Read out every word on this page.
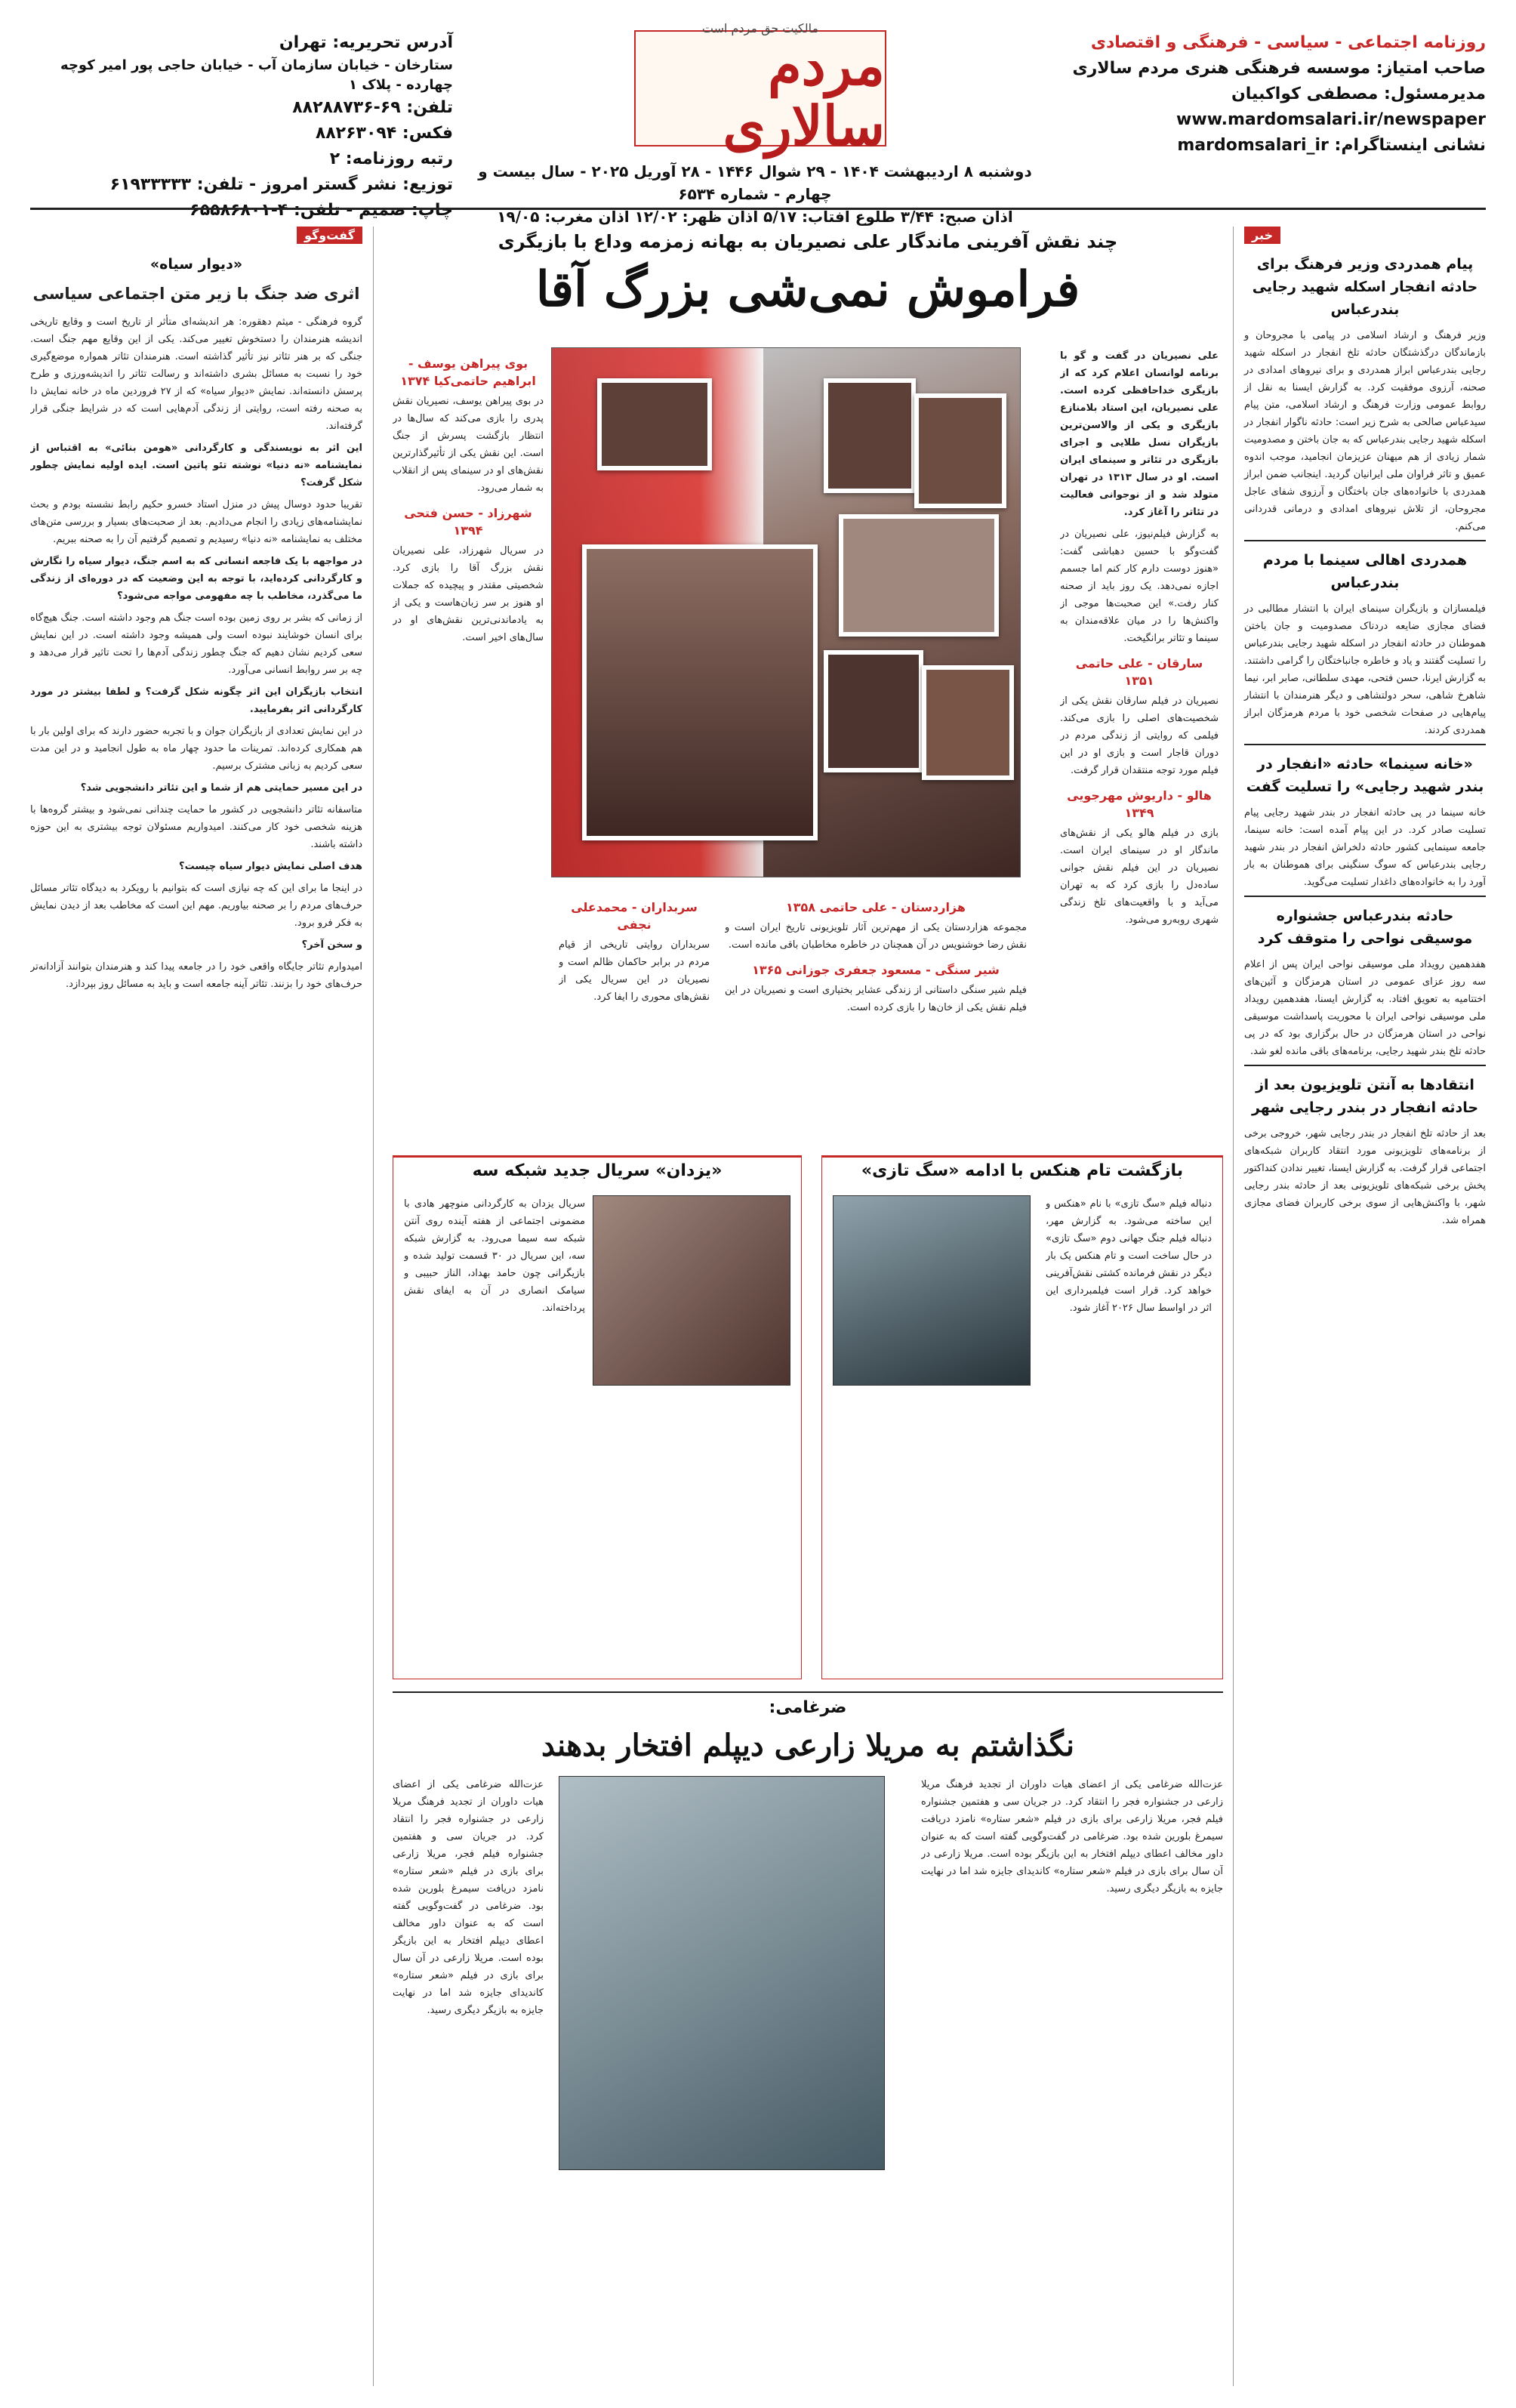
روزنامه اجتماعی - سیاسی - فرهنگی و اقتصادی
صاحب امتیاز: موسسه فرهنگی هنری مردم سالاری
مدیرمسئول: مصطفی کواکبیان
www.mardomsalari.ir/newspaper
نشانی اینستاگرام: mardomsalari_ir
مالکیت حق مردم است
مردم سالاری
آدرس تحریریه: تهران
ستارخان - خیابان سازمان آب - خیابان حاجی پور امیر کوچه چهارده - پلاک ۱
تلفن: ۶۹-۸۸۲۸۸۷۳۶
فکس: ۸۸۲۶۳۰۹۴
رتبه روزنامه: ۲
توزیع: نشر گستر امروز - تلفن: ۶۱۹۳۳۳۳۳
چاپ: صمیم - تلفن: ۴-۶۵۵۸۶۸۰۱
دوشنبه ۸ اردیبهشت ۱۴۰۴ - ۲۹ شوال ۱۴۴۶ - ۲۸ آوریل ۲۰۲۵ - سال بیست و چهارم - شماره ۶۵۳۴
اذان صبح: ۳/۴۴ طلوع آفتاب: ۵/۱۷ اذان ظهر: ۱۲/۰۲ اذان مغرب: ۱۹/۰۵
خبر
پیام همدردی وزیر فرهنگ برای حادثه انفجار اسکله شهید رجایی بندرعباس

وزیر فرهنگ و ارشاد اسلامی در پیامی با مجروحان و بازماندگان درگذشتگان حادثه تلخ انفجار در اسکله شهید رجایی بندرعباس ابراز همدردی و برای نیروهای امدادی در صحنه، آرزوی موفقیت کرد. به گزارش ایسنا به نقل از روابط عمومی وزارت فرهنگ و ارشاد اسلامی، متن پیام سیدعباس صالحی به شرح زیر است: حادثه ناگوار انفجار در اسکله شهید رجایی بندرعباس که به جان باختن و مصدومیت شمار زیادی از هم میهنان عزیزمان انجامید، موجب اندوه عمیق و تاثر فراوان ملی ایرانیان گردید. اینجانب ضمن ابراز همدردی با خانواده‌های جان باختگان و آرزوی شفای عاجل مجروحان، از تلاش نیروهای امدادی و درمانی قدردانی می‌کنم.

همدردی اهالی سینما با مردم بندرعباس

فیلمسازان و بازیگران سینمای ایران با انتشار مطالبی در فضای مجازی ضایعه دردناک مصدومیت و جان باختن هموطنان در حادثه انفجار در اسکله شهید رجایی بندرعباس را تسلیت گفتند و یاد و خاطره جانباختگان را گرامی داشتند. به گزارش ایرنا، حسن فتحی، مهدی سلطانی، صابر ابر، نیما شاهرخ شاهی، سحر دولتشاهی و دیگر هنرمندان با انتشار پیام‌هایی در صفحات شخصی خود با مردم هرمزگان ابراز همدردی کردند.

«خانه سینما» حادثه «انفجار در بندر شهید رجایی» را تسلیت گفت

خانه سینما در پی حادثه انفجار در بندر شهید رجایی پیام تسلیت صادر کرد. در این پیام آمده است: خانه سینما، جامعه سینمایی کشور حادثه دلخراش انفجار در بندر شهید رجایی بندرعباس که سوگ سنگینی برای هموطنان به بار آورد را به خانواده‌های داغدار تسلیت می‌گوید.

حادثه بندرعباس جشنواره موسیقی نواحی را متوقف کرد

هفدهمین رویداد ملی موسیقی نواحی ایران پس از اعلام سه روز عزای عمومی در استان هرمزگان و آئین‌های اختتامیه به تعویق افتاد. به گزارش ایسنا، هفدهمین رویداد ملی موسیقی نواحی ایران با محوریت پاسداشت موسیقی نواحی در استان هرمزگان در حال برگزاری بود که در پی حادثه تلخ بندر شهید رجایی، برنامه‌های باقی مانده لغو شد.

انتقادها به آنتن تلویزیون بعد از حادثه انفجار در بندر رجایی شهر

بعد از حادثه تلخ انفجار در بندر رجایی شهر، خروجی برخی از برنامه‌های تلویزیونی مورد انتقاد کاربران شبکه‌های اجتماعی قرار گرفت. به گزارش ایسنا، تغییر ندادن کنداکتور پخش برخی شبکه‌های تلویزیونی بعد از حادثه بندر رجایی شهر، با واکنش‌هایی از سوی برخی کاربران فضای مجازی همراه شد.

گفت‌وگو
«دیوار سیاه»
اثری ضد جنگ با زیر متن اجتماعی سیاسی

گروه فرهنگی - میثم دهقوره: هر اندیشه‌ای متأثر از تاریخ است و وقایع تاریخی اندیشه هنرمندان را دستخوش تغییر می‌کند. یکی از این وقایع مهم جنگ است. جنگی که بر هنر تئاتر نیز تأثیر گذاشته است. هنرمندان تئاتر همواره موضع‌گیری خود را نسبت به مسائل بشری داشته‌اند و رسالت تئاتر را اندیشه‌ورزی و طرح پرسش دانسته‌اند. نمایش «دیوار سیاه» که از ۲۷ فروردین ماه در خانه نمایش دا به صحنه رفته است، روایتی از زندگی آدم‌هایی است که در شرایط جنگی قرار گرفته‌اند.

این اثر به نویسندگی و کارگردانی «هومن بنائی» به اقتباس از نمایشنامه «نه دنیا» نوشته تئو پاتین است. ایده اولیه نمایش چطور شکل گرفت؟

تقریبا حدود دوسال پیش در منزل استاد خسرو حکیم رابط نشسته بودم و بحث نمایشنامه‌های زیادی را انجام می‌دادیم. بعد از صحبت‌های بسیار و بررسی متن‌های مختلف به نمایشنامه «نه دنیا» رسیدیم و تصمیم گرفتیم آن را به صحنه ببریم.

در مواجهه با یک فاجعه انسانی که به اسم جنگ، دیوار سیاه را نگارش و کارگردانی کرده‌اید، با توجه به این وضعیت که در دوره‌ای از زندگی ما می‌گذرد، مخاطب با چه مفهومی مواجه می‌شود؟

از زمانی که بشر بر روی زمین بوده است جنگ هم وجود داشته است. جنگ هیچ‌گاه برای انسان خوشایند نبوده است ولی همیشه وجود داشته است. در این نمایش سعی کردیم نشان دهیم که جنگ چطور زندگی آدم‌ها را تحت تاثیر قرار می‌دهد و چه بر سر روابط انسانی می‌آورد.

انتخاب بازیگران این اثر چگونه شکل گرفت؟ و لطفا بیشتر در مورد کارگردانی اثر بفرمایید.

در این نمایش تعدادی از بازیگران جوان و با تجربه حضور دارند که برای اولین بار با هم همکاری کرده‌اند. تمرینات ما حدود چهار ماه به طول انجامید و در این مدت سعی کردیم به زبانی مشترک برسیم.

در این مسیر حمایتی هم از شما و این تئاتر دانشجویی شد؟

متاسفانه تئاتر دانشجویی در کشور ما حمایت چندانی نمی‌شود و بیشتر گروه‌ها با هزینه شخصی خود کار می‌کنند. امیدواریم مسئولان توجه بیشتری به این حوزه داشته باشند.

هدف اصلی نمایش دیوار سیاه چیست؟

در اینجا ما برای این که چه نیازی است که بتوانیم با رویکرد به دیدگاه تئاتر مسائل حرف‌های مردم را بر صحنه بیاوریم. مهم این است که مخاطب بعد از دیدن نمایش به فکر فرو برود.

و سخن آخر؟

امیدوارم تئاتر جایگاه واقعی خود را در جامعه پیدا کند و هنرمندان بتوانند آزادانه‌تر حرف‌های خود را بزنند. تئاتر آینه جامعه است و باید به مسائل روز بپردازد.

چند نقش آفرینی ماندگار علی نصیریان به بهانه زمزمه وداع با بازیگری
فراموش نمی‌شی بزرگ آقا

علی نصیریان در گفت و گو با برنامه لوانسان اعلام کرد که از بازیگری خداحافظی کرده است. علی نصیریان، این استاد بلامنازع بازیگری و یکی از والاسن‌ترین بازیگران نسل طلایی و اجرای بازیگری در تئاتر و سینمای ایران است. او در سال ۱۳۱۳ در تهران متولد شد و از نوجوانی فعالیت در تئاتر را آغاز کرد.

به گزارش فیلم‌نیوز، علی نصیریان در گفت‌وگو با حسین دهباشی گفت: «هنوز دوست دارم کار کنم اما جسمم اجازه نمی‌دهد. یک روز باید از صحنه کنار رفت.» این صحبت‌ها موجی از واکنش‌ها را در میان علاقه‌مندان به سینما و تئاتر برانگیخت.

سارقان - علی حاتمی ۱۳۵۱

نصیریان در فیلم سارقان نقش یکی از شخصیت‌های اصلی را بازی می‌کند. فیلمی که روایتی از زندگی مردم در دوران قاجار است و بازی او در این فیلم مورد توجه منتقدان قرار گرفت.

هالو - داریوش مهرجویی ۱۳۴۹

بازی در فیلم هالو یکی از نقش‌های ماندگار او در سینمای ایران است. نصیریان در این فیلم نقش جوانی ساده‌دل را بازی کرد که به تهران می‌آید و با واقعیت‌های تلخ زندگی شهری روبه‌رو می‌شود.

بوی پیراهن یوسف - ابراهیم حاتمی‌کیا ۱۳۷۴

در بوی پیراهن یوسف، نصیریان نقش پدری را بازی می‌کند که سال‌ها در انتظار بازگشت پسرش از جنگ است. این نقش یکی از تأثیرگذارترین نقش‌های او در سینمای پس از انقلاب به شمار می‌رود.

شهرزاد - حسن فتحی ۱۳۹۴

در سریال شهرزاد، علی نصیریان نقش بزرگ آقا را بازی کرد. شخصیتی مقتدر و پیچیده که جملات او هنوز بر سر زبان‌هاست و یکی از به یادماندنی‌ترین نقش‌های او در سال‌های اخیر است.

هزاردستان - علی حاتمی ۱۳۵۸

مجموعه هزاردستان یکی از مهم‌ترین آثار تلویزیونی تاریخ ایران است و نقش رضا خوشنویس در آن همچنان در خاطره مخاطبان باقی مانده است.

شیر سنگی - مسعود جعفری جوزانی ۱۳۶۵

فیلم شیر سنگی داستانی از زندگی عشایر بختیاری است و نصیریان در این فیلم نقش یکی از خان‌ها را بازی کرده است.

سربداران - محمدعلی نجفی

سربداران روایتی تاریخی از قیام مردم در برابر حاکمان ظالم است و نصیریان در این سریال یکی از نقش‌های محوری را ایفا کرد.

بازگشت تام هنکس با ادامه «سگ تازی»
دنباله فیلم «سگ تازی» با نام «هنکس و این ساخته می‌شود. به گزارش مهر، دنباله فیلم جنگ جهانی دوم «سگ تازی» در حال ساخت است و تام هنکس یک بار دیگر در نقش فرمانده کشتی نقش‌آفرینی خواهد کرد. قرار است فیلمبرداری این اثر در اواسط سال ۲۰۲۶ آغاز شود.
«یزدان» سریال جدید شبکه سه
سریال یزدان به کارگردانی منوچهر هادی با مضمونی اجتماعی از هفته آینده روی آنتن شبکه سه سیما می‌رود. به گزارش شبکه سه، این سریال در ۳۰ قسمت تولید شده و بازیگرانی چون حامد بهداد، الناز حبیبی و سیامک انصاری در آن به ایفای نقش پرداخته‌اند.
ضرغامی:
نگذاشتم به مریلا زارعی دیپلم افتخار بدهند
عزت‌الله ضرغامی یکی از اعضای هیات داوران از تجدید فرهنگ مریلا زارعی در جشنواره فجر را انتقاد کرد. در جریان سی و هفتمین جشنواره فیلم فجر، مریلا زارعی برای بازی در فیلم «شعر ستاره» نامزد دریافت سیمرغ بلورین شده بود. ضرغامی در گفت‌وگویی گفته است که به عنوان داور مخالف اعطای دیپلم افتخار به این بازیگر بوده است. مریلا زارعی در آن سال برای بازی در فیلم «شعر ستاره» کاندیدای جایزه شد اما در نهایت جایزه به بازیگر دیگری رسید.
عزت‌الله ضرغامی یکی از اعضای هیات داوران از تجدید فرهنگ مریلا زارعی در جشنواره فجر را انتقاد کرد. در جریان سی و هفتمین جشنواره فیلم فجر، مریلا زارعی برای بازی در فیلم «شعر ستاره» نامزد دریافت سیمرغ بلورین شده بود. ضرغامی در گفت‌وگویی گفته است که به عنوان داور مخالف اعطای دیپلم افتخار به این بازیگر بوده است. مریلا زارعی در آن سال برای بازی در فیلم «شعر ستاره» کاندیدای جایزه شد اما در نهایت جایزه به بازیگر دیگری رسید.
